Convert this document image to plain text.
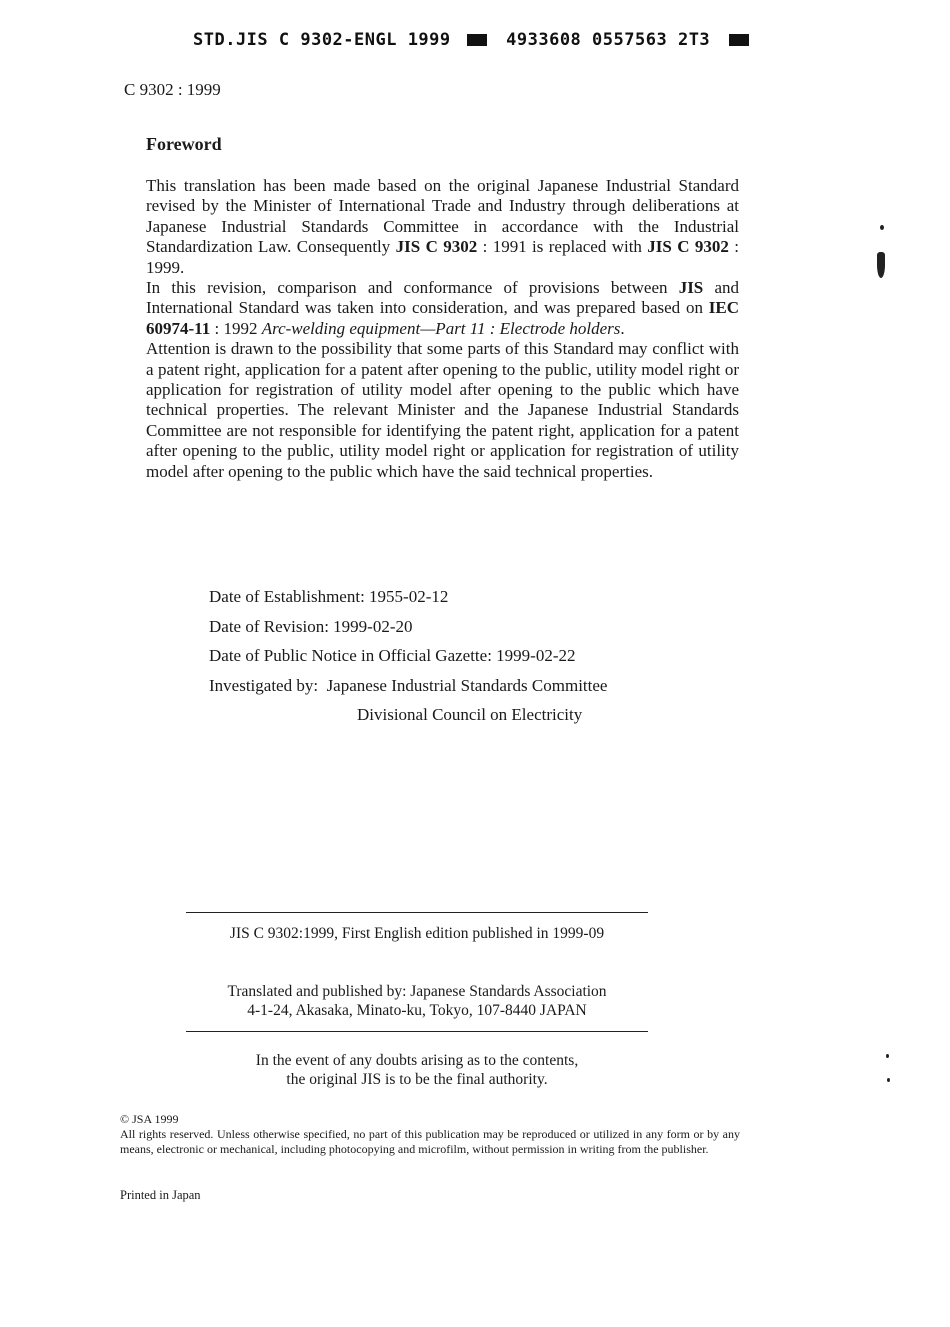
STD.JIS C 9302-ENGL 1999	4933608 0557563 2T3
C 9302 : 1999
Foreword

This translation has been made based on the original Japanese Industrial Standard revised by the Minister of International Trade and Industry through deliberations at Japanese Industrial Standards Committee in accordance with the Industrial Standardization Law. Consequently JIS C 9302 : 1991 is replaced with JIS C 9302 : 1999.

In this revision, comparison and conformance of provisions between JIS and International Standard was taken into consideration, and was prepared based on IEC 60974-11 : 1992 Arc-welding equipment—Part 11 : Electrode holders.

Attention is drawn to the possibility that some parts of this Standard may conflict with a patent right, application for a patent after opening to the public, utility model right or application for registration of utility model after opening to the public which have technical properties. The relevant Minister and the Japanese Industrial Standards Committee are not responsible for identifying the patent right, application for a patent after opening to the public, utility model right or application for registration of utility model after opening to the public which have the said technical properties.

Date of Establishment: 1955-02-12
Date of Revision: 1999-02-20
Date of Public Notice in Official Gazette: 1999-02-22
Investigated by: Japanese Industrial Standards Committee
Divisional Council on Electricity
JIS C 9302:1999, First English edition published in 1999-09
Translated and published by: Japanese Standards Association
4-1-24, Akasaka, Minato-ku, Tokyo, 107-8440 JAPAN
In the event of any doubts arising as to the contents,
the original JIS is to be the final authority.
© JSA 1999
All rights reserved. Unless otherwise specified, no part of this publication may be reproduced or utilized in any form or by any means, electronic or mechanical, including photocopying and microfilm, without permission in writing from the publisher.
Printed in Japan
